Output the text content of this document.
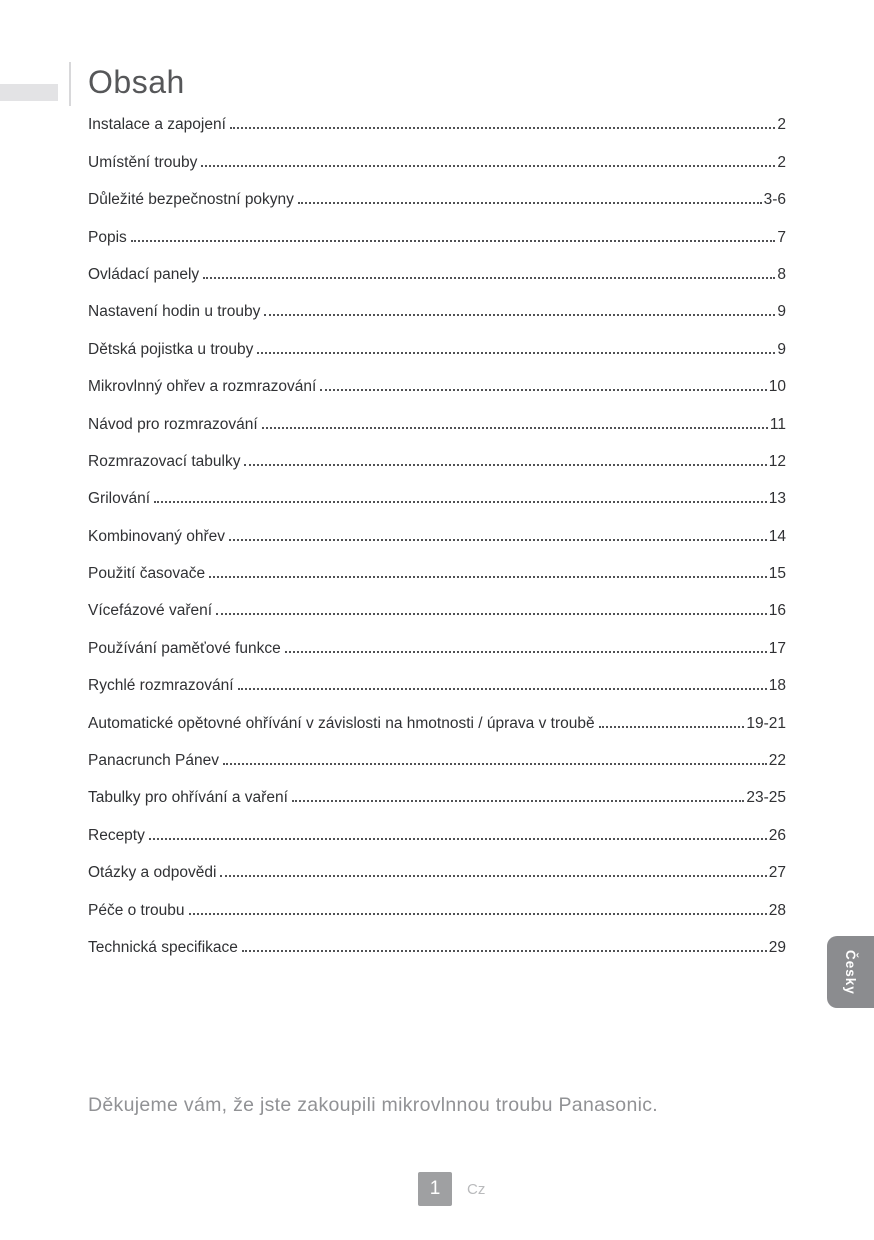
Obsah
Instalace a zapojení	2
Umístění trouby	2
Důležité bezpečnostní pokyny	3-6
Popis	7
Ovládací panely	8
Nastavení hodin u trouby	9
Dětská pojistka u trouby	9
Mikrovlnný ohřev a rozmrazování	10
Návod pro rozmrazování	11
Rozmrazovací tabulky	12
Grilování	13
Kombinovaný ohřev	14
Použití časovače	15
Vícefázové vaření	16
Používání paměťové funkce	17
Rychlé rozmrazování	18
Automatické opětovné ohřívání v závislosti na hmotnosti / úprava v troubě	19-21
Panacrunch Pánev	22
Tabulky pro ohřívání a vaření	23-25
Recepty	26
Otázky a odpovědi	27
Péče o troubu	28
Technická specifikace	29
Děkujeme vám, že jste zakoupili mikrovlnnou troubu Panasonic.
Česky
1 Cz
